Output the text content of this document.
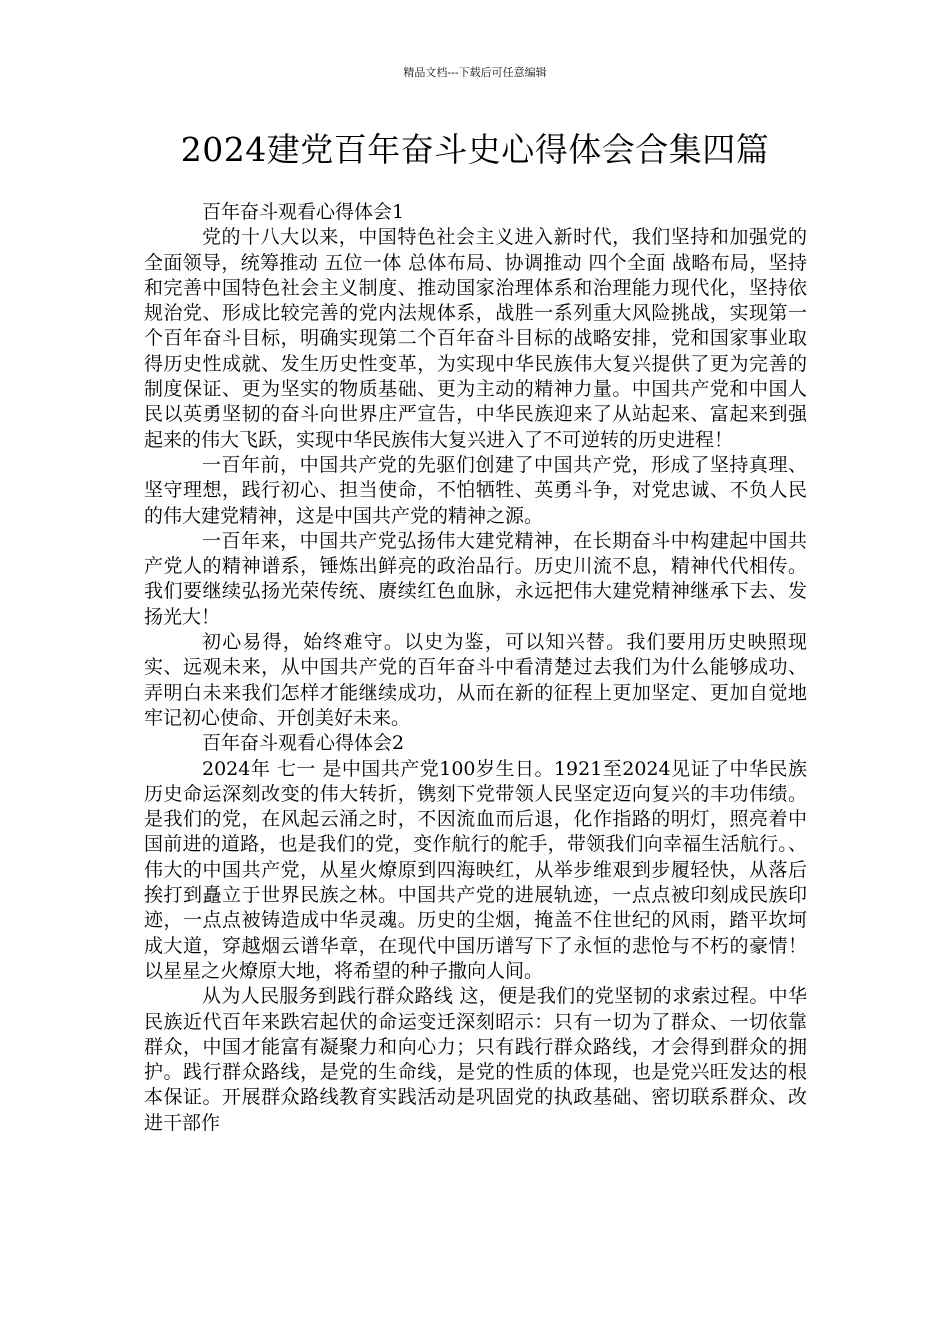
精品文档---下载后可任意编辑
2024建党百年奋斗史心得体会合集四篇

百年奋斗观看心得体会1

党的十八大以来，中国特色社会主义进入新时代，我们坚持和加强党的全面领导，统筹推动 五位一体 总体布局、协调推动 四个全面 战略布局，坚持和完善中国特色社会主义制度、推动国家治理体系和治理能力现代化，坚持依规治党、形成比较完善的党内法规体系，战胜一系列重大风险挑战，实现第一个百年奋斗目标，明确实现第二个百年奋斗目标的战略安排，党和国家事业取得历史性成就、发生历史性变革，为实现中华民族伟大复兴提供了更为完善的制度保证、更为坚实的物质基础、更为主动的精神力量。中国共产党和中国人民以英勇坚韧的奋斗向世界庄严宣告，中华民族迎来了从站起来、富起来到强起来的伟大飞跃，实现中华民族伟大复兴进入了不可逆转的历史进程！

一百年前，中国共产党的先驱们创建了中国共产党，形成了坚持真理、坚守理想，践行初心、担当使命，不怕牺牲、英勇斗争，对党忠诚、不负人民的伟大建党精神，这是中国共产党的精神之源。

一百年来，中国共产党弘扬伟大建党精神，在长期奋斗中构建起中国共产党人的精神谱系，锤炼出鲜亮的政治品行。历史川流不息，精神代代相传。我们要继续弘扬光荣传统、赓续红色血脉，永远把伟大建党精神继承下去、发扬光大！

初心易得，始终难守。以史为鉴，可以知兴替。我们要用历史映照现实、远观未来，从中国共产党的百年奋斗中看清楚过去我们为什么能够成功、弄明白未来我们怎样才能继续成功，从而在新的征程上更加坚定、更加自觉地牢记初心使命、开创美好未来。

百年奋斗观看心得体会2

2024年 七一 是中国共产党100岁生日。1921至2024见证了中华民族历史命运深刻改变的伟大转折，镌刻下党带领人民坚定迈向复兴的丰功伟绩。是我们的党，在风起云涌之时，不因流血而后退，化作指路的明灯，照亮着中国前进的道路，也是我们的党，变作航行的舵手，带领我们向幸福生活航行。、伟大的中国共产党，从星火燎原到四海映红，从举步维艰到步履轻快，从落后挨打到矗立于世界民族之林。中国共产党的进展轨迹，一点点被印刻成民族印迹，一点点被铸造成中华灵魂。历史的尘烟，掩盖不住世纪的风雨，踏平坎坷成大道，穿越烟云谱华章，在现代中国历谱写下了永恒的悲怆与不朽的豪情！以星星之火燎原大地，将希望的种子撒向人间。

从为人民服务到践行群众路线 这，便是我们的党坚韧的求索过程。中华民族近代百年来跌宕起伏的命运变迁深刻昭示：只有一切为了群众、一切依靠群众，中国才能富有凝聚力和向心力；只有践行群众路线，才会得到群众的拥护。践行群众路线，是党的生命线，是党的性质的体现，也是党兴旺发达的根本保证。开展群众路线教育实践活动是巩固党的执政基础、密切联系群众、改进干部作
